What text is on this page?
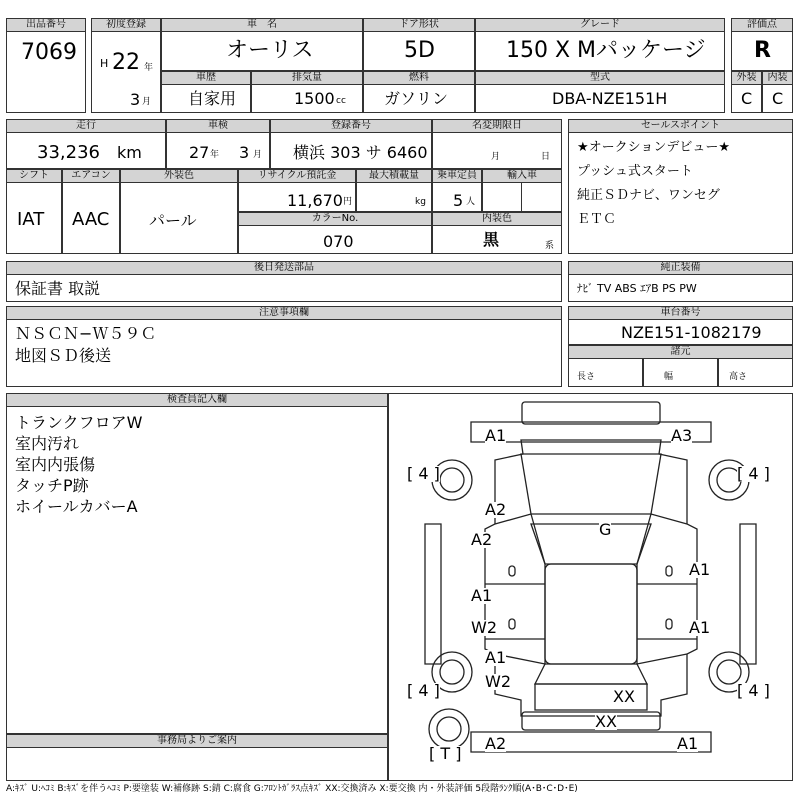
出品番号
7069
初度登録
H 22 年
3 月
車　名
オーリス
ドア形状
5D
グレード
150 X Mパッケージ
車歴
自家用
排気量
1500 cc
燃料
ガソリン
型式
DBA-NZE151H
評価点
R
外装	内装
C C
走行
33,236 km
車検
27 年 3 月
登録番号
横浜 303 サ 6460
名変期限日
月	日
セールスポイント
★オークションデビュー★
プッシュ式スタート
純正ＳＤナビ、ワンセグ
ＥＴＣ
シフト
IAT
エアコン
AAC
外装色
パール
リサイクル預託金
11,670 円
最大積載量
kg
乗車定員
5 人
輸入車
カラーNo.
070
内装色
黒	系
後日発送部品
保証書 取説
純正装備
ﾅﾋﾞ TV ABS ｴｱB PS PW
注意事項欄
ＮＳＣＮ−Ｗ５９Ｃ
地図ＳＤ後送
車台番号
NZE151-1082179
諸元
長さ	幅	高さ
検査員記入欄
トランクフロアW
室内汚れ
室内内張傷
タッチP跡
ホイールカバーA
事務局よりご案内
A1	A3
[ 4 ]	[ 4 ]
A2
G
A2
A1
A1
W2	A1
A1
[ 4 ]	W2	[ 4 ]
XX
XX
[ T ]
A2	A1
A:ｷｽﾞ U:ﾍｺﾐ B:ｷｽﾞを伴うﾍｺﾐ P:要塗装 W:補修跡 S:錆 C:腐食 G:ﾌﾛﾝﾄｶﾞﾗｽ点ｷｽﾞ XX:交換済み X:要交換 内・外装評価 5段階ﾗﾝｸ順(A･B･C･D･E)
